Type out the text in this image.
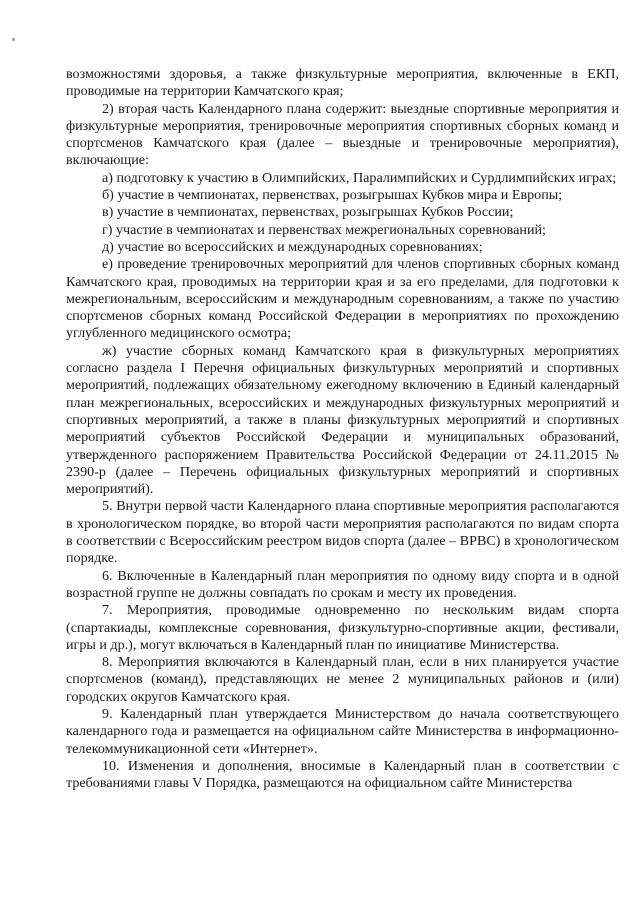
возможностями здоровья, а также физкультурные мероприятия, включенные в ЕКП, проводимые на территории Камчатского края;

2) вторая часть Календарного плана содержит: выездные спортивные мероприятия и физкультурные мероприятия, тренировочные мероприятия спортивных сборных команд и спортсменов Камчатского края (далее – выездные и тренировочные мероприятия), включающие:

а) подготовку к участию в Олимпийских, Паралимпийских и Сурдлимпийских играх;

б) участие в чемпионатах, первенствах, розыгрышах Кубков мира и Европы;

в) участие в чемпионатах, первенствах, розыгрышах Кубков России;

г) участие в чемпионатах и первенствах межрегиональных соревнований;

д) участие во всероссийских и международных соревнованиях;

е) проведение тренировочных мероприятий для членов спортивных сборных команд Камчатского края, проводимых на территории края и за его пределами, для подготовки к межрегиональным, всероссийским и международным соревнованиям, а также по участию спортсменов сборных команд Российской Федерации в мероприятиях по прохождению углубленного медицинского осмотра;

ж) участие сборных команд Камчатского края в физкультурных мероприятиях согласно раздела I Перечня официальных физкультурных мероприятий и спортивных мероприятий, подлежащих обязательному ежегодному включению в Единый календарный план межрегиональных, всероссийских и международных физкультурных мероприятий и спортивных мероприятий, а также в планы физкультурных мероприятий и спортивных мероприятий субъектов Российской Федерации и муниципальных образований, утвержденного распоряжением Правительства Российской Федерации от 24.11.2015 № 2390-р (далее – Перечень официальных физкультурных мероприятий и спортивных мероприятий).

5. Внутри первой части Календарного плана спортивные мероприятия располагаются в хронологическом порядке, во второй части мероприятия располагаются по видам спорта в соответствии с Всероссийским реестром видов спорта (далее – ВРВС) в хронологическом порядке.

6. Включенные в Календарный план мероприятия по одному виду спорта и в одной возрастной группе не должны совпадать по срокам и месту их проведения.

7. Мероприятия, проводимые одновременно по нескольким видам спорта (спартакиады, комплексные соревнования, физкультурно-спортивные акции, фестивали, игры и др.), могут включаться в Календарный план по инициативе Министерства.

8. Мероприятия включаются в Календарный план, если в них планируется участие спортсменов (команд), представляющих не менее 2 муниципальных районов и (или) городских округов Камчатского края.

9. Календарный план утверждается Министерством до начала соответствующего календарного года и размещается на официальном сайте Министерства в информационно-телекоммуникационной сети «Интернет».

10. Изменения и дополнения, вносимые в Календарный план в соответствии с требованиями главы V Порядка, размещаются на официальном сайте Министерства
